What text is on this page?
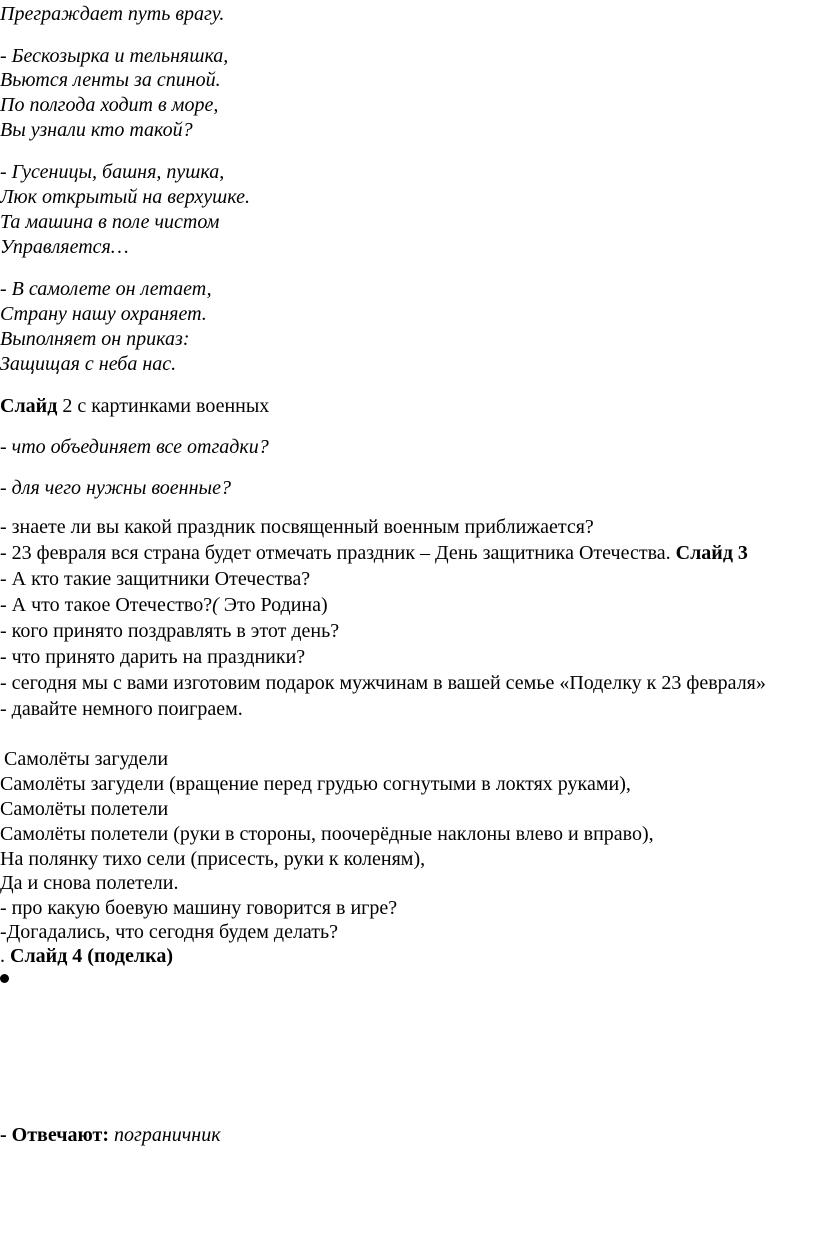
Преграждает путь врагу.
- Бескозырка и тельняшка,
Вьются ленты за спиной.
По полгода ходит в море,
Вы узнали кто такой?
- Гусеницы, башня, пушка,
Люк открытый на верхушке.
Та машина в поле чистом
Управляется…
- В самолете он летает,
Страну нашу охраняет.
Выполняет он приказ:
Защищая с неба нас.
Слайд 2 с картинками военных
- что объединяет все отгадки?
- для чего нужны военные?
- знаете ли вы какой праздник посвященный военным приближается?
- 23 февраля вся страна будет отмечать праздник – День защитника Отечества. Слайд 3
- А кто такие защитники Отечества?
- А что такое Отечество?( Это Родина)
- кого принято поздравлять в этот день?
- что принято дарить на праздники?
- сегодня мы с вами изготовим подарок мужчинам в вашей семье «Поделку к 23 февраля»
- давайте немного поиграем.
Самолёты загудели
Самолёты загудели (вращение перед грудью согнутыми в локтях руками),
Самолёты полетели
Самолёты полетели (руки в стороны, поочерёдные наклоны влево и вправо),
На полянку тихо сели (присесть, руки к коленям),
Да и снова полетели.
- про какую боевую машину говорится в игре?
-Догадались, что сегодня будем делать?
. Слайд 4 (поделка)
- Отвечают: пограничник
